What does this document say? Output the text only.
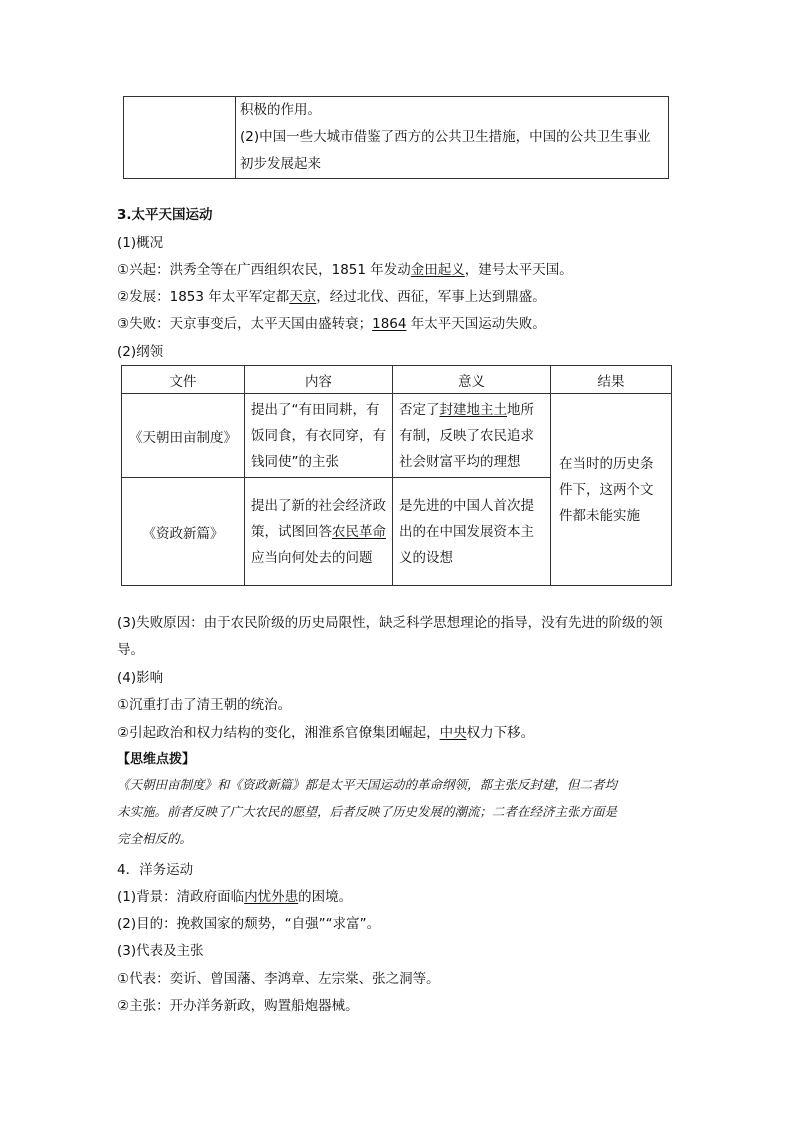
积极的作用。
(2)中国一些大城市借鉴了西方的公共卫生措施，中国的公共卫生事业
初步发展起来
3.太平天国运动
(1)概况
①兴起：洪秀全等在广西组织农民，1851 年发动金田起义，建号太平天国。
②发展：1853 年太平军定都天京，经过北伐、西征，军事上达到鼎盛。
③失败：天京事变后，太平天国由盛转衰；1864 年太平天国运动失败。
(2)纲领
文件	内容	意义	结果
《天朝田亩制度》	提出了“有田同耕，有饭同食，有衣同穿，有钱同使”的主张	否定了封建地主土地所有制，反映了农民追求社会财富平均的理想	在当时的历史条件下，这两个文件都未能实施

《资政新篇》	提出了新的社会经济政策，试图回答农民革命应当向何处去的问题	是先进的中国人首次提出的在中国发展资本主义的设想	
(3)失败原因：由于农民阶级的历史局限性，缺乏科学思想理论的指导，没有先进的阶级的领
导。
(4)影响
①沉重打击了清王朝的统治。
②引起政治和权力结构的变化，湘淮系官僚集团崛起，中央权力下移。
【思维点拨】
《天朝田亩制度》和《资政新篇》都是太平天国运动的革命纲领，都主张反封建，但二者均
未实施。前者反映了广大农民的愿望，后者反映了历史发展的潮流；二者在经济主张方面是
完全相反的。
4．洋务运动
(1)背景：清政府面临内忧外患的困境。
(2)目的：挽救国家的颓势，“自强”“求富”。
(3)代表及主张
①代表：奕䜣、曾国藩、李鸿章、左宗棠、张之洞等。
②主张：开办洋务新政，购置船炮器械。
